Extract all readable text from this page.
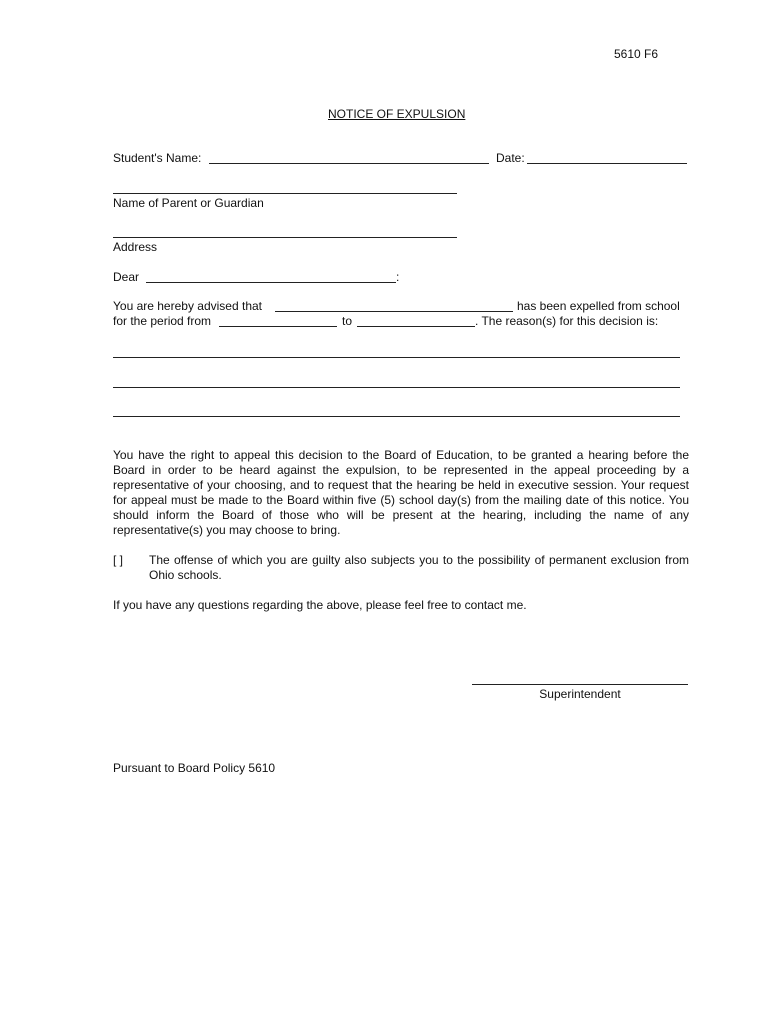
5610 F6
NOTICE OF EXPULSION
Student's Name:	Date:
Name of Parent or Guardian
Address
Dear	:
You are hereby advised that	has been expelled from school
for the period from	to	. The reason(s) for this decision is:
You have the right to appeal this decision to the Board of Education, to be granted a hearing before the Board in order to be heard against the expulsion, to be represented in the appeal proceeding by a representative of your choosing, and to request that the hearing be held in executive session. Your request for appeal must be made to the Board within five (5) school day(s) from the mailing date of this notice. You should inform the Board of those who will be present at the hearing, including the name of any representative(s) you may choose to bring.
[ ] The offense of which you are guilty also subjects you to the possibility of permanent exclusion from Ohio schools.
If you have any questions regarding the above, please feel free to contact me.
Superintendent
Pursuant to Board Policy 5610
